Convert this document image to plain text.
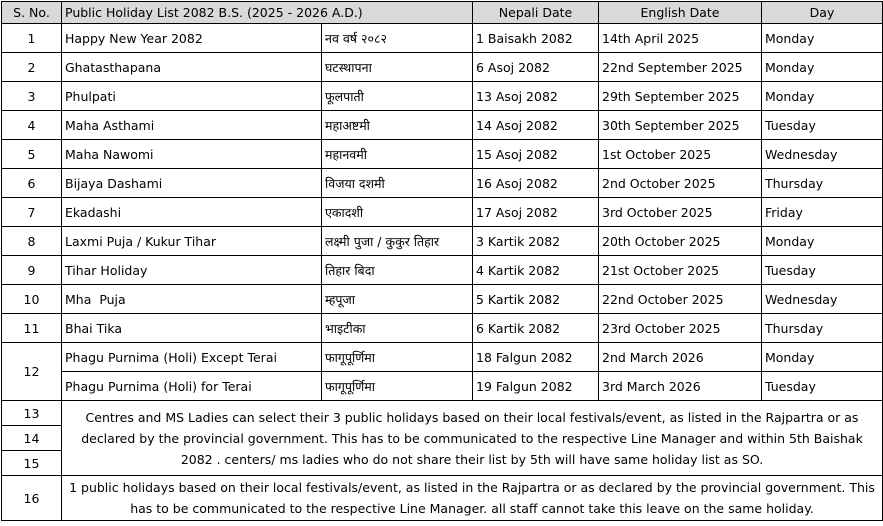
S. No.	Public Holiday List 2082 B.S. (2025 - 2026 A.D.)		Nepali Date	English Date	Day
1	Happy New Year 2082	नव वर्ष २०८२	1 Baisakh 2082	14th April 2025	Monday
2	Ghatasthapana	घटस्थापना	6 Asoj 2082	22nd September 2025	Monday
3	Phulpati	फूलपाती	13 Asoj 2082	29th September 2025	Monday
4	Maha Asthami	महाअष्टमी	14 Asoj 2082	30th September 2025	Tuesday
5	Maha Nawomi	महानवमी	15 Asoj 2082	1st October 2025	Wednesday
6	Bijaya Dashami	विजया दशमी	16 Asoj 2082	2nd October 2025	Thursday
7	Ekadashi	एकादशी	17 Asoj 2082	3rd October 2025	Friday
8	Laxmi Puja / Kukur Tihar	लक्ष्मी पुजा / कुकुर तिहार	3 Kartik 2082	20th October 2025	Monday
9	Tihar Holiday	तिहार बिदा	4 Kartik 2082	21st October 2025	Tuesday
10	Mha  Puja	म्हपूजा	5 Kartik 2082	22nd October 2025	Wednesday
11	Bhai Tika	भाइटीका	6 Kartik 2082	23rd October 2025	Thursday
12	Phagu Purnima (Holi) Except Terai	फागूपूर्णिमा	18 Falgun 2082	2nd March 2026	Monday
	Phagu Purnima (Holi) for Terai	फागूपूर्णिमा	19 Falgun 2082	3rd March 2026	Tuesday
13	Centres and MS Ladies can select their 3 public holidays based on their local festivals/event, as listed in the Rajpartra or as declared by the provincial government. This has to be communicated to the respective Line Manager and within 5th Baishak 2082 . centers/ ms ladies who do not share their list by 5th will have same holiday list as SO.				
14					
15					
16	1 public holidays based on their local festivals/event, as listed in the Rajpartra or as declared by the provincial government. This has to be communicated to the respective Line Manager. all staff cannot take this leave on the same holiday.				
